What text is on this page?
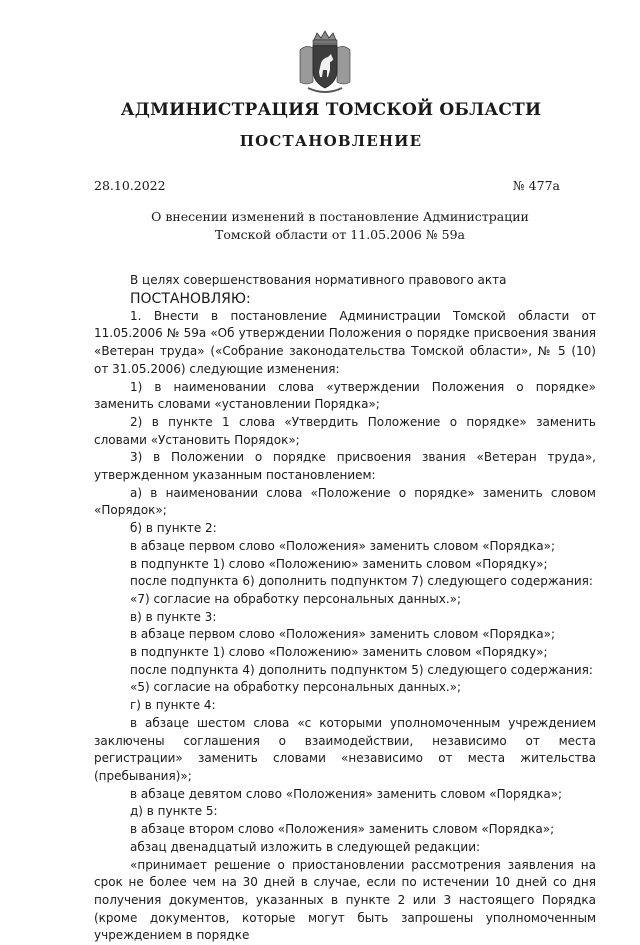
АДМИНИСТРАЦИЯ ТОМСКОЙ ОБЛАСТИ
ПОСТАНОВЛЕНИЕ
28.10.2022	№ 477а
О внесении изменений в постановление Администрации
Томской области от 11.05.2006 № 59а

В целях совершенствования нормативного правового акта

ПОСТАНОВЛЯЮ:

1. Внести в постановление Администрации Томской области от 11.05.2006 № 59а «Об утверждении Положения о порядке присвоения звания «Ветеран труда» («Собрание законодательства Томской области», № 5 (10) от 31.05.2006) следующие изменения:

1) в наименовании слова «утверждении Положения о порядке» заменить словами «установлении Порядка»;

2) в пункте 1 слова «Утвердить Положение о порядке» заменить словами «Установить Порядок»;

3) в Положении о порядке присвоения звания «Ветеран труда», утвержденном указанным постановлением:

а) в наименовании слова «Положение о порядке» заменить словом «Порядок»;

б) в пункте 2:

в абзаце первом слово «Положения» заменить словом «Порядка»;

в подпункте 1) слово «Положению» заменить словом «Порядку»;

после подпункта 6) дополнить подпунктом 7) следующего содержания:

«7) согласие на обработку персональных данных.»;

в) в пункте 3:

в абзаце первом слово «Положения» заменить словом «Порядка»;

в подпункте 1) слово «Положению» заменить словом «Порядку»;

после подпункта 4) дополнить подпунктом 5) следующего содержания:

«5) согласие на обработку персональных данных.»;

г) в пункте 4:

в абзаце шестом слова «с которыми уполномоченным учреждением заключены соглашения о взаимодействии, независимо от места регистрации» заменить словами «независимо от места жительства (пребывания)»;

в абзаце девятом слово «Положения» заменить словом «Порядка»;

д) в пункте 5:

в абзаце втором слово «Положения» заменить словом «Порядка»;

абзац двенадцатый изложить в следующей редакции:

«принимает решение о приостановлении рассмотрения заявления на срок не более чем на 30 дней в случае, если по истечении 10 дней со дня получения документов, указанных в пункте 2 или 3 настоящего Порядка (кроме документов, которые могут быть запрошены уполномоченным учреждением в порядке
